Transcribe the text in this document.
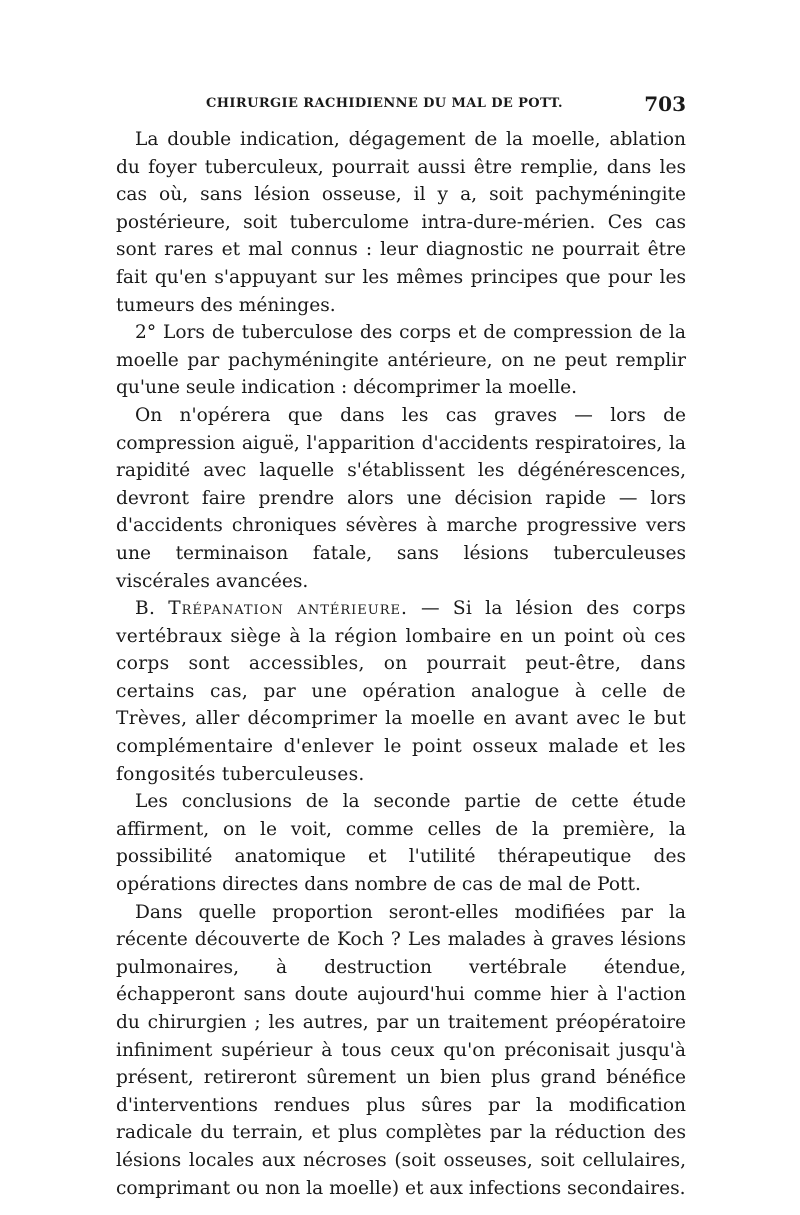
CHIRURGIE RACHIDIENNE DU MAL DE POTT.	703

La double indication, dégagement de la moelle, ablation du foyer tuberculeux, pourrait aussi être remplie, dans les cas où, sans lésion osseuse, il y a, soit pachyméningite postérieure, soit tuberculome intra-dure-mérien. Ces cas sont rares et mal connus : leur diagnostic ne pourrait être fait qu'en s'appuyant sur les mêmes principes que pour les tumeurs des méninges.

2° Lors de tuberculose des corps et de compression de la moelle par pachyméningite antérieure, on ne peut remplir qu'une seule indication : décomprimer la moelle.

On n'opérera que dans les cas graves — lors de compression aiguë, l'apparition d'accidents respiratoires, la rapidité avec laquelle s'établissent les dégénérescences, devront faire prendre alors une décision rapide — lors d'accidents chroniques sévères à marche progressive vers une terminaison fatale, sans lésions tuberculeuses viscérales avancées.

B. Trépanation antérieure. — Si la lésion des corps vertébraux siège à la région lombaire en un point où ces corps sont accessibles, on pourrait peut-être, dans certains cas, par une opération analogue à celle de Trèves, aller décomprimer la moelle en avant avec le but complémentaire d'enlever le point osseux malade et les fongosités tuberculeuses.

Les conclusions de la seconde partie de cette étude affirment, on le voit, comme celles de la première, la possibilité anatomique et l'utilité thérapeutique des opérations directes dans nombre de cas de mal de Pott.

Dans quelle proportion seront-elles modifiées par la récente découverte de Koch ? Les malades à graves lésions pulmonaires, à destruction vertébrale étendue, échapperont sans doute aujourd'hui comme hier à l'action du chirurgien ; les autres, par un traitement préopératoire infiniment supérieur à tous ceux qu'on préconisait jusqu'à présent, retireront sûrement un bien plus grand bénéfice d'interventions rendues plus sûres par la modification radicale du terrain, et plus complètes par la réduction des lésions locales aux nécroses (soit osseuses, soit cellulaires, comprimant ou non la moelle) et aux infections secondaires.
